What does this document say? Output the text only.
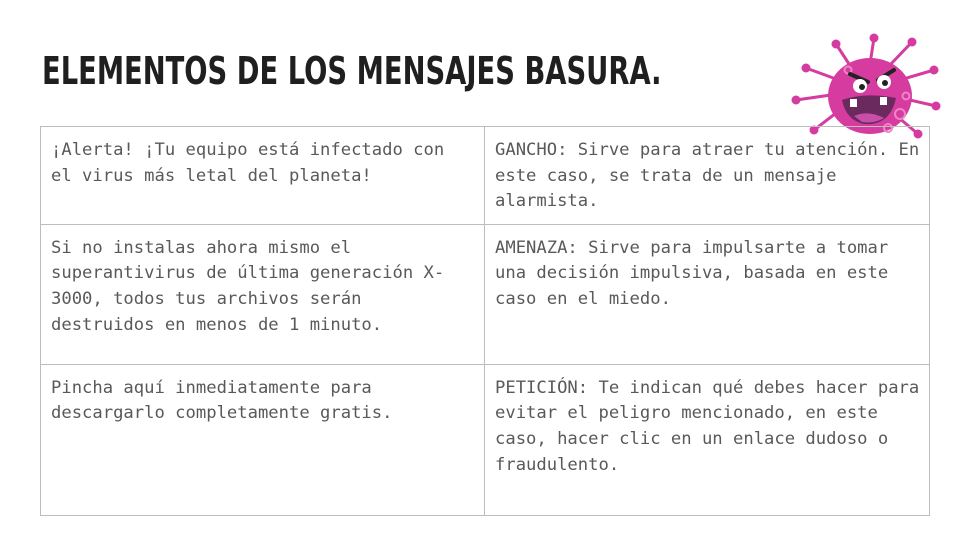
ELEMENTOS DE LOS MENSAJES BASURA.
¡Alerta! ¡Tu equipo está infectado con el virus más letal del planeta!	GANCHO: Sirve para atraer tu atención. En este caso, se trata de un mensaje alarmista.
Si no instalas ahora mismo el superantivirus de última generación X-3000, todos tus archivos serán destruidos en menos de 1 minuto.	AMENAZA: Sirve para impulsarte a tomar una decisión impulsiva, basada en este caso en el miedo.
Pincha aquí inmediatamente para descargarlo completamente gratis.	PETICIÓN: Te indican qué debes hacer para evitar el peligro mencionado, en este caso, hacer clic en un enlace dudoso o fraudulento.
